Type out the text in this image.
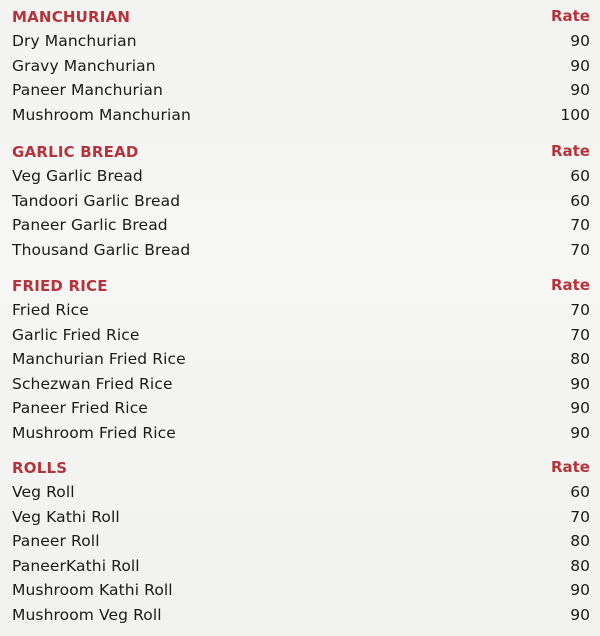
MANCHURIAN	Rate
Dry Manchurian	90
Gravy Manchurian	90
Paneer Manchurian	90
Mushroom Manchurian	100
GARLIC BREAD	Rate
Veg Garlic Bread	60
Tandoori Garlic Bread	60
Paneer Garlic Bread	70
Thousand Garlic Bread	70
FRIED RICE	Rate
Fried Rice	70
Garlic Fried Rice	70
Manchurian Fried Rice	80
Schezwan Fried Rice	90
Paneer Fried Rice	90
Mushroom Fried Rice	90
ROLLS	Rate
Veg Roll	60
Veg Kathi Roll	70
Paneer Roll	80
PaneerKathi Roll	80
Mushroom Kathi Roll	90
Mushroom Veg Roll	90
